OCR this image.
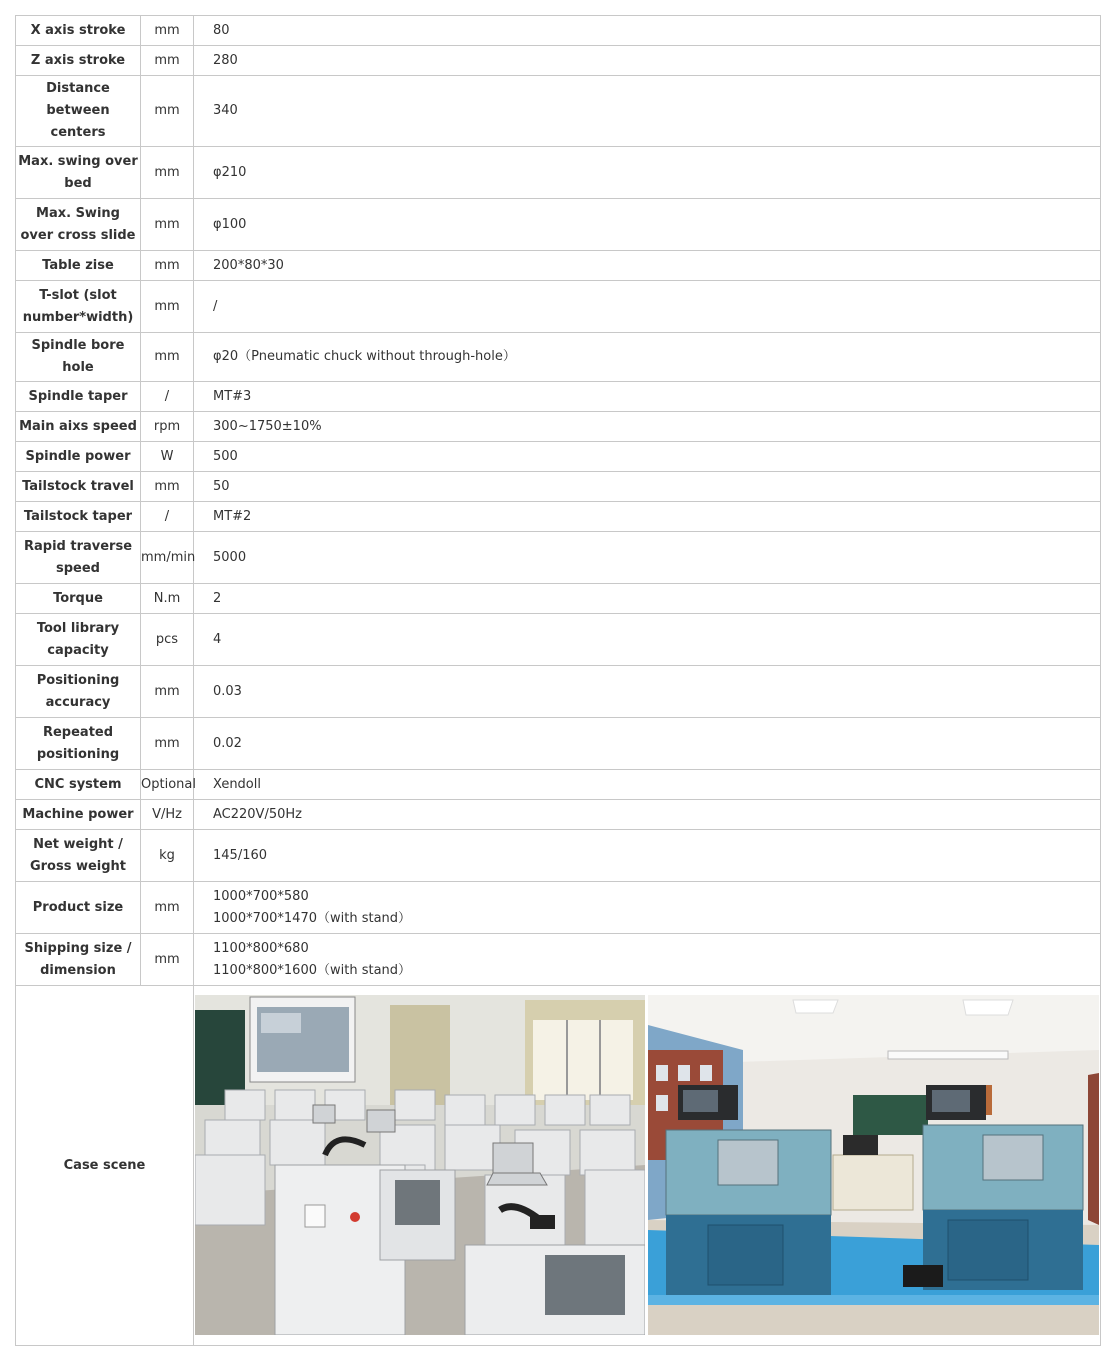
X axis stroke	mm	80

Z axis stroke	mm	280

Distance between centers	mm	340

Max. swing over bed	mm	φ210

Max. Swing over cross slide	mm	φ100

Table zise	mm	200*80*30

T-slot (slot number*width)	mm	/

Spindle bore hole	mm	φ20（Pneumatic chuck without through-hole）

Spindle taper	/	MT#3

Main aixs speed	rpm	300~1750±10%

Spindle power	W	500

Tailstock travel	mm	50

Tailstock taper	/	MT#2

Rapid traverse speed	mm/min	5000

Torque	N.m	2

Tool library capacity	pcs	4

Positioning accuracy	mm	0.03

Repeated positioning	mm	0.02

CNC system	Optional	Xendoll

Machine power	V/Hz	AC220V/50Hz

Net weight / Gross weight	kg	145/160

Product size	mm	1000*700*580
1000*700*1470（with stand）

Shipping size / dimension	mm	1100*800*680
1100*800*1600（with stand）

Case scene	
